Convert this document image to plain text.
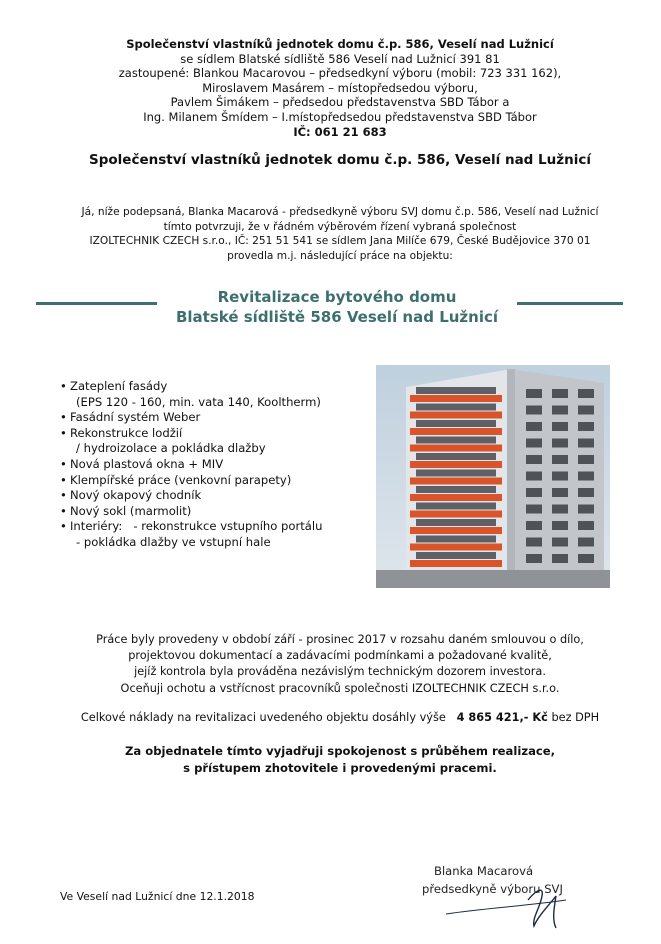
Společenství vlastníků jednotek domu č.p. 586, Veselí nad Lužnicí
se sídlem Blatské sídliště 586 Veselí nad Lužnicí 391 81
zastoupené: Blankou Macarovou – předsedkyní výboru (mobil: 723 331 162),
Miroslavem Masárem – místopředsedou výboru,
Pavlem Šimákem – předsedou představenstva SBD Tábor a
Ing. Milanem Šmídem – I.místopředsedou představenstva SBD Tábor
IČ: 061 21 683
Společenství vlastníků jednotek domu č.p. 586, Veselí nad Lužnicí
Já, níže podepsaná, Blanka Macarová - předsedkyně výboru SVJ domu č.p. 586, Veselí nad Lužnicí
tímto potvrzuji, že v řádném výběrovém řízení vybraná společnost
IZOLTECHNIK CZECH s.r.o., IČ: 251 51 541 se sídlem Jana Milíče 679, České Budějovice 370 01
provedla m.j. následující práce na objektu:
Revitalizace bytového domu
Blatské sídliště 586 Veselí nad Lužnicí
• Zateplení fasády
(EPS 120 - 160, min. vata 140, Kooltherm)
• Fasádní systém Weber
• Rekonstrukce lodžií
/ hydroizolace a pokládka dlažby
• Nová plastová okna + MIV
• Klempířské práce (venkovní parapety)
• Nový okapový chodník
• Nový sokl (marmolit)
• Interiéry: - rekonstrukce vstupního portálu
- pokládka dlažby ve vstupní hale
Práce byly provedeny v období září - prosinec 2017 v rozsahu daném smlouvou o dílo,
projektovou dokumentací a zadávacími podmínkami a požadované kvalitě,
jejíž kontrola byla prováděna nezávislým technickým dozorem investora.
Oceňuji ochotu a vstřícnost pracovníků společnosti IZOLTECHNIK CZECH s.r.o.
Celkové náklady na revitalizaci uvedeného objektu dosáhly výše 4 865 421,- Kč bez DPH
Za objednatele tímto vyjadřuji spokojenost s průběhem realizace,
s přístupem zhotovitele i provedenými pracemi.
Ve Veselí nad Lužnicí dne 12.1.2018
Blanka Macarová
předsedkyně výboru SVJ
